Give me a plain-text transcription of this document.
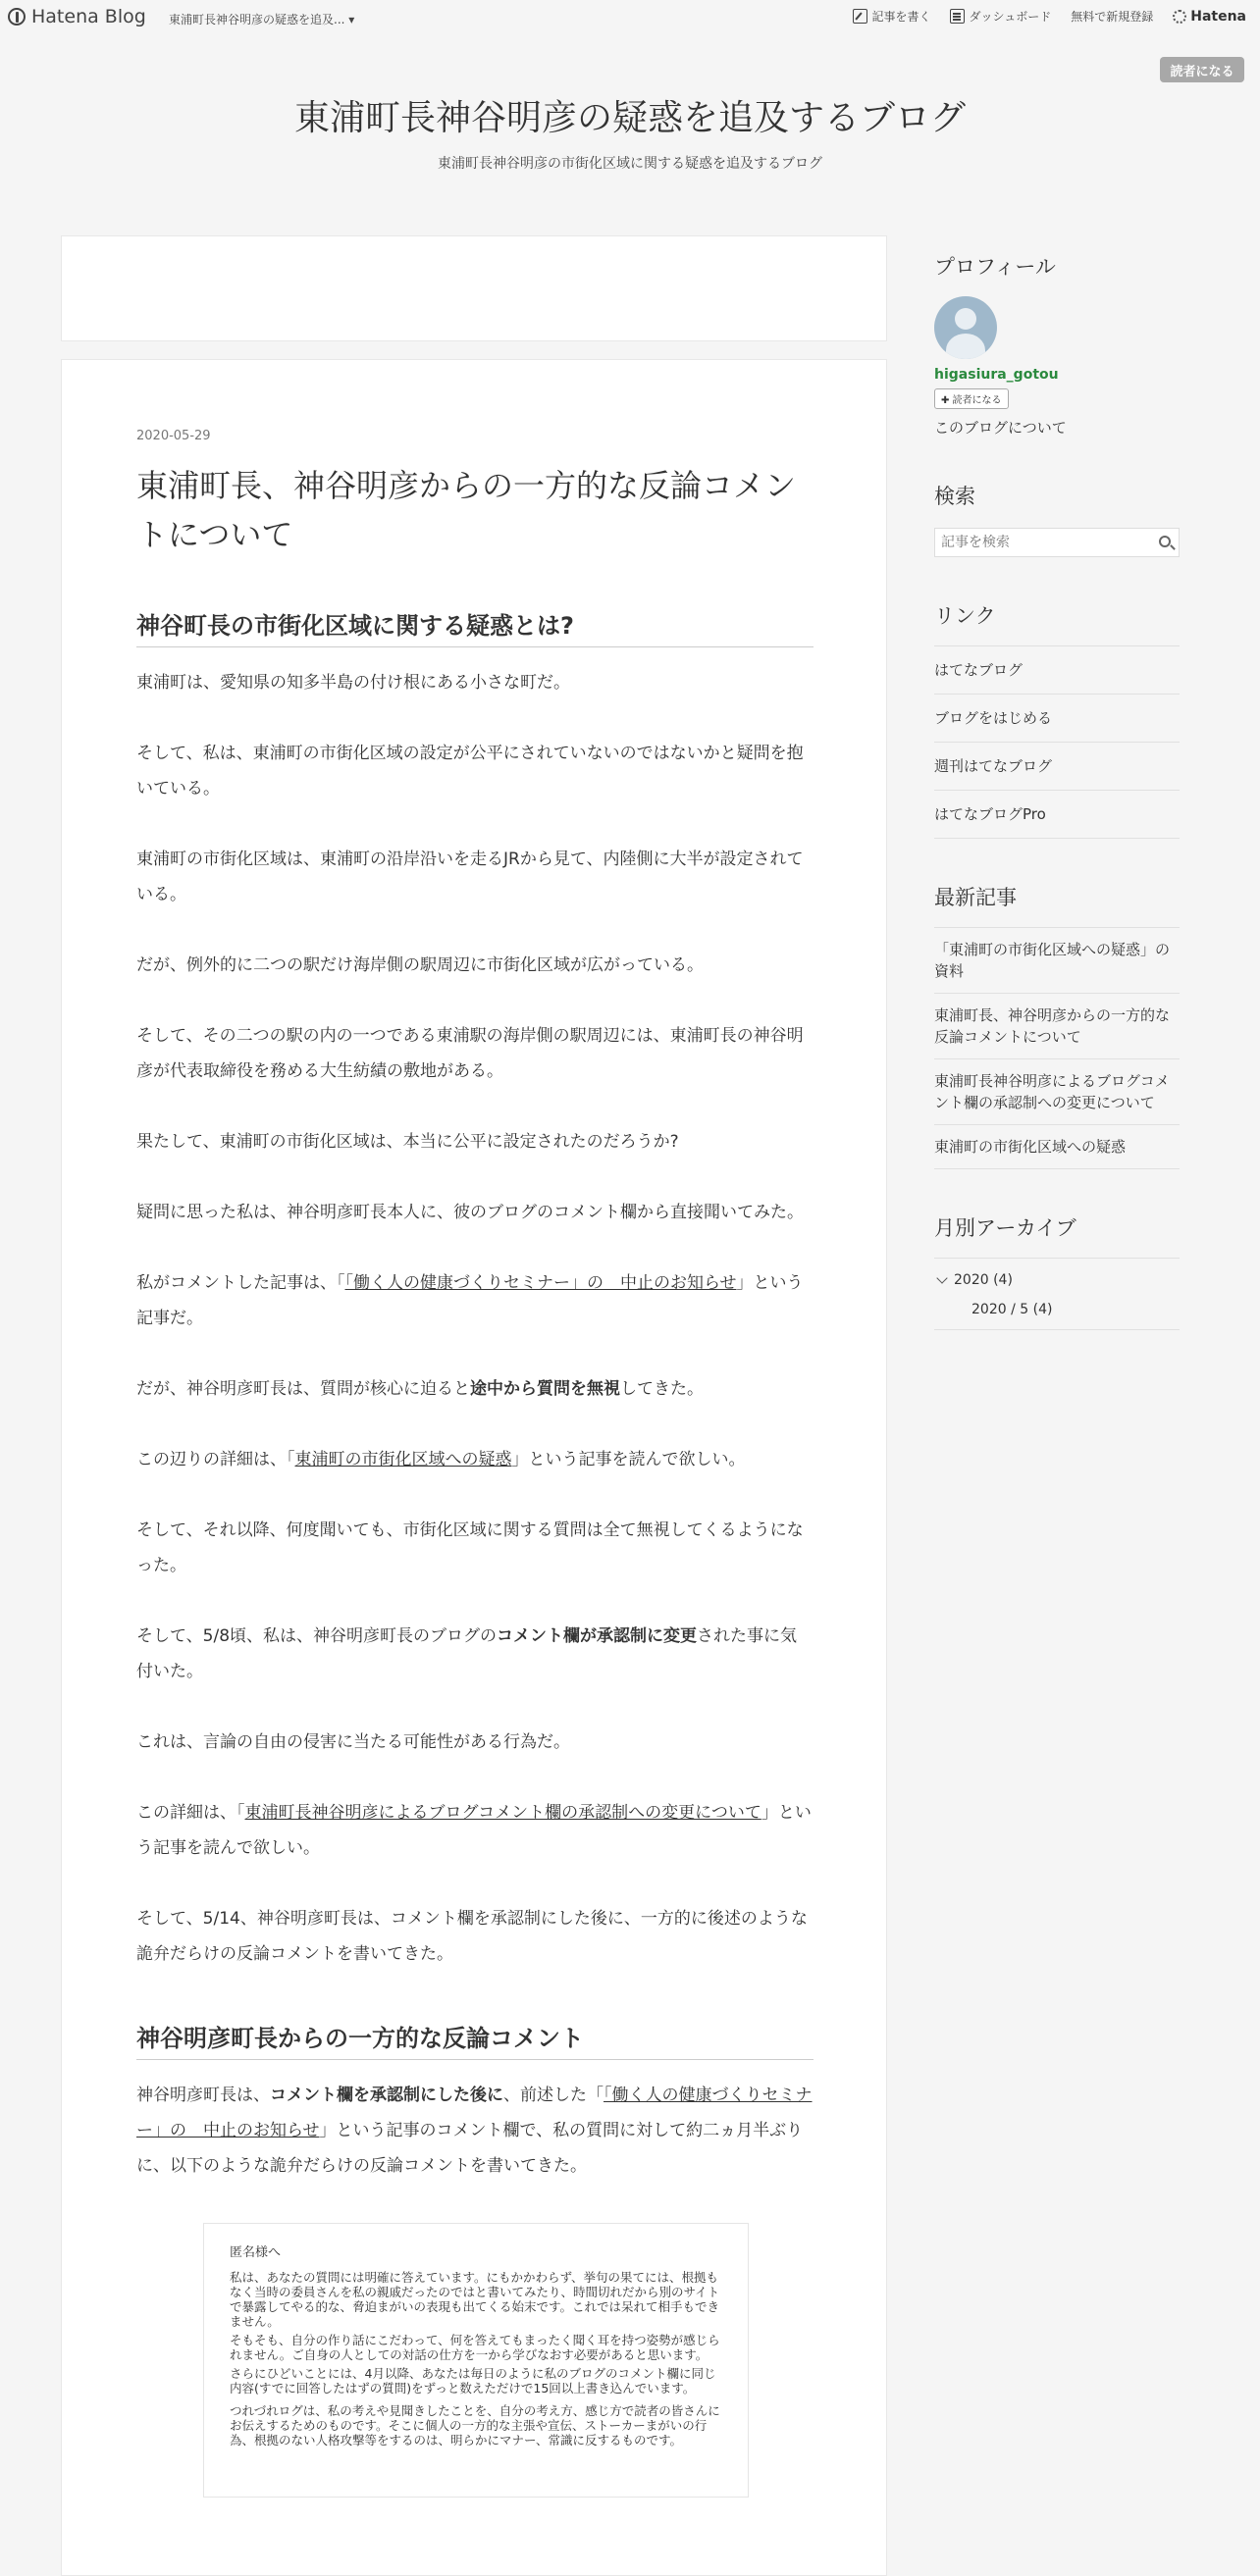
Hatena Blog 東浦町長神谷明彦の疑惑を追及... ▾	記事を書く	ダッシュボード 無料で新規登録	Hatena
読者になる
東浦町長神谷明彦の疑惑を追及するブログ
東浦町長神谷明彦の市街化区域に関する疑惑を追及するブログ
2020-05-29
東浦町長、神谷明彦からの一方的な反論コメントについて
神谷町長の市街化区域に関する疑惑とは?

東浦町は、愛知県の知多半島の付け根にある小さな町だ。

そして、私は、東浦町の市街化区域の設定が公平にされていないのではないかと疑問を抱いている。

東浦町の市街化区域は、東浦町の沿岸沿いを走るJRから見て、内陸側に大半が設定されている。

だが、例外的に二つの駅だけ海岸側の駅周辺に市街化区域が広がっている。

そして、その二つの駅の内の一つである東浦駅の海岸側の駅周辺には、東浦町長の神谷明彦が代表取締役を務める大生紡績の敷地がある。

果たして、東浦町の市街化区域は、本当に公平に設定されたのだろうか?

疑問に思った私は、神谷明彦町長本人に、彼のブログのコメント欄から直接聞いてみた。

私がコメントした記事は、「「働く人の健康づくりセミナー」の　中止のお知らせ」という記事だ。

だが、神谷明彦町長は、質問が核心に迫ると途中から質問を無視してきた。

この辺りの詳細は、「東浦町の市街化区域への疑惑」という記事を読んで欲しい。

そして、それ以降、何度聞いても、市街化区域に関する質問は全て無視してくるようになった。

そして、5/8頃、私は、神谷明彦町長のブログのコメント欄が承認制に変更された事に気付いた。

これは、言論の自由の侵害に当たる可能性がある行為だ。

この詳細は、「東浦町長神谷明彦によるブログコメント欄の承認制への変更について」という記事を読んで欲しい。

そして、5/14、神谷明彦町長は、コメント欄を承認制にした後に、一方的に後述のような詭弁だらけの反論コメントを書いてきた。

神谷明彦町長からの一方的な反論コメント

神谷明彦町長は、コメント欄を承認制にした後に、前述した「「働く人の健康づくりセミナー」の　中止のお知らせ」という記事のコメント欄で、私の質問に対して約二ヵ月半ぶりに、以下のような詭弁だらけの反論コメントを書いてきた。

匿名様へ

私は、あなたの質問には明確に答えています。にもかかわらず、挙句の果てには、根拠もなく当時の委員さんを私の親戚だったのではと書いてみたり、時間切れだから別のサイトで暴露してやる的な、脅迫まがいの表現も出てくる始末です。これでは呆れて相手もできません。

そもそも、自分の作り話にこだわって、何を答えてもまったく聞く耳を持つ姿勢が感じられません。ご自身の人としての対話の仕方を一から学びなおす必要があると思います。

さらにひどいことには、4月以降、あなたは毎日のように私のブログのコメント欄に同じ内容(すでに回答したはずの質問)をずっと数えただけで15回以上書き込んでいます。

つれづれログは、私の考えや見聞きしたことを、自分の考え方、感じ方で読者の皆さんにお伝えするためのものです。そこに個人の一方的な主張や宣伝、ストーカーまがいの行為、根拠のない人格攻撃等をするのは、明らかにマナー、常識に反するものです。

プロフィール
higasiura_gotou
✚ 読者になる
このブログについて
検索
記事を検索
リンク
はてなブログ
ブログをはじめる
週刊はてなブログ
はてなブログPro
最新記事
「東浦町の市街化区域への疑惑」の資料
東浦町長、神谷明彦からの一方的な反論コメントについて
東浦町長神谷明彦によるブログコメント欄の承認制への変更について
東浦町の市街化区域への疑惑
月別アーカイブ
2020 (4)
2020 / 5 (4)
